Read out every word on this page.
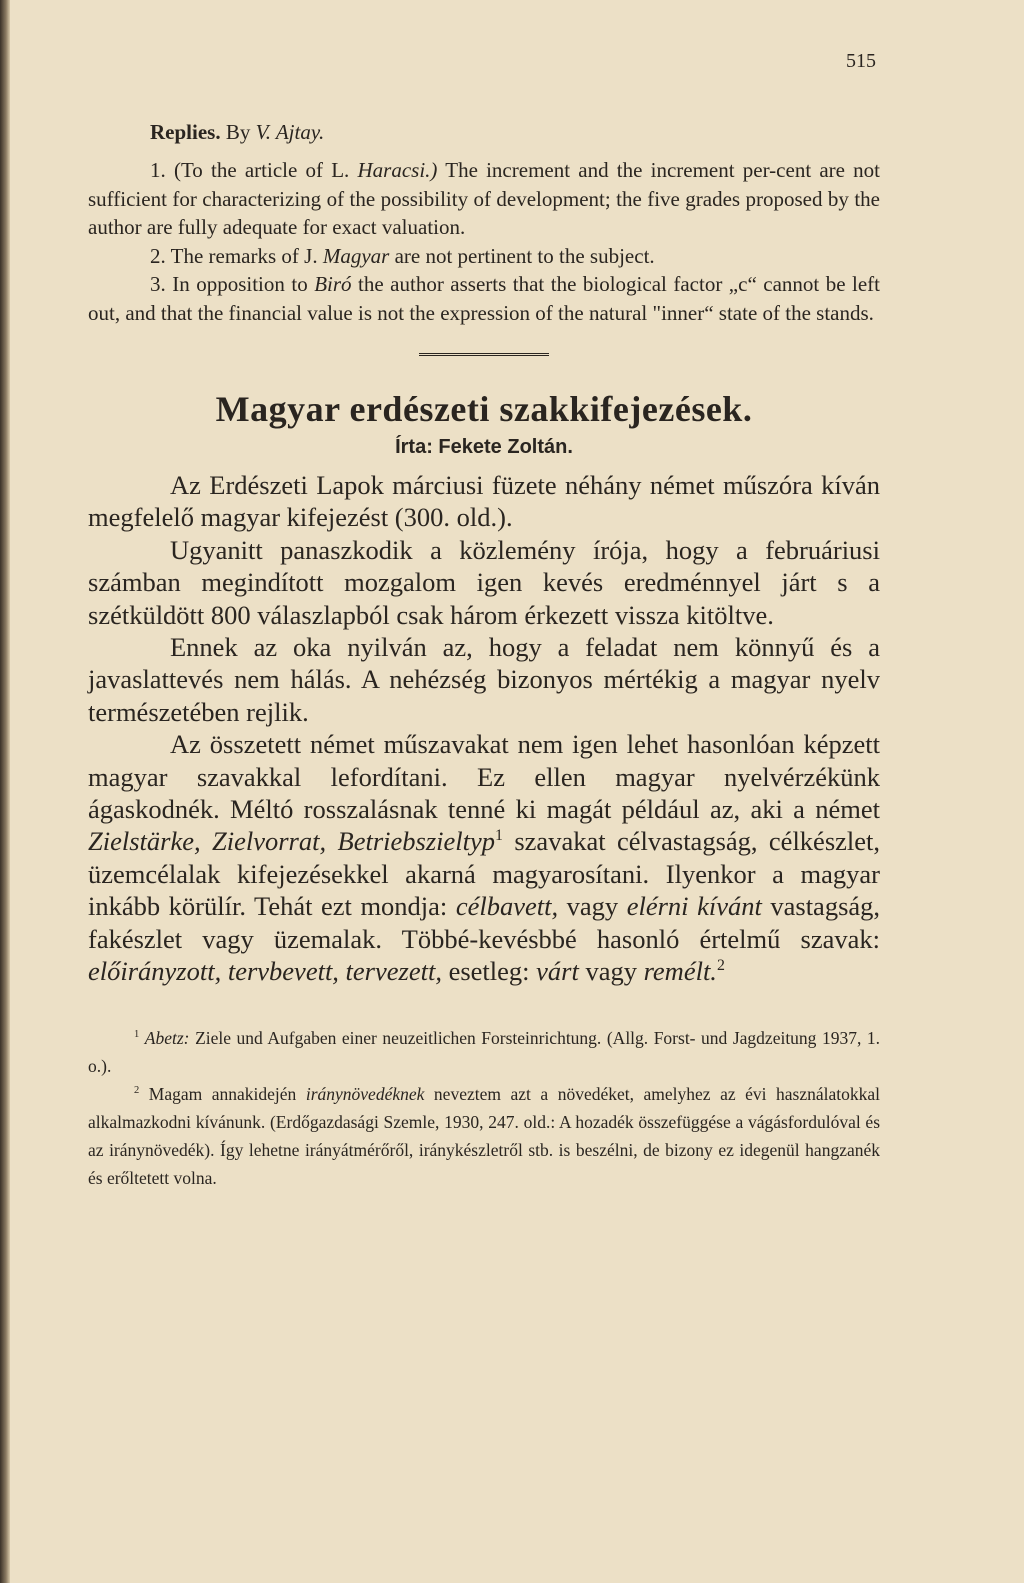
515
Replies. By V. Ajtay.

1. (To the article of L. Haracsi.) The increment and the increment per-cent are not sufficient for characterizing of the possibility of development; the five grades proposed by the author are fully adequate for exact valuation.

2. The remarks of J. Magyar are not pertinent to the subject.

3. In opposition to Biró the author asserts that the biological factor „c“ cannot be left out, and that the financial value is not the expression of the natural "inner“ state of the stands.

Magyar erdészeti szakkifejezések.
Írta: Fekete Zoltán.

Az Erdészeti Lapok márciusi füzete néhány német műszóra kíván megfelelő magyar kifejezést (300. old.).

Ugyanitt panaszkodik a közlemény írója, hogy a februáriusi számban megindított mozgalom igen kevés eredménnyel járt s a szétküldött 800 válaszlapból csak három érkezett vissza kitöltve.

Ennek az oka nyilván az, hogy a feladat nem könnyű és a javaslattevés nem hálás. A nehézség bizonyos mértékig a magyar nyelv természetében rejlik.

Az összetett német műszavakat nem igen lehet hasonlóan képzett magyar szavakkal lefordítani. Ez ellen magyar nyelvérzékünk ágaskodnék. Méltó rosszalásnak tenné ki magát például az, aki a német Zielstärke, Zielvorrat, Betriebszieltyp$^1$ szavakat célvastagság, célkészlet, üzemcélalak kifejezésekkel akarná magyarosítani. Ilyenkor a magyar inkább körülír. Tehát ezt mondja: célbavett, vagy elérni kívánt vastagság, fakészlet vagy üzemalak. Többé-kevésbbé hasonló értelmű szavak: előirányzott, tervbevett, tervezett, esetleg: várt vagy remélt.$^2$

$^1$ Abetz: Ziele und Aufgaben einer neuzeitlichen Forsteinrichtung. (Allg. Forst- und Jagdzeitung 1937, 1. o.).

$^2$ Magam annakidején iránynövedéknek neveztem azt a növedéket, amelyhez az évi használatokkal alkalmazkodni kívánunk. (Erdőgazdasági Szemle, 1930, 247. old.: A hozadék összefüggése a vágásfordulóval és az iránynövedék). Így lehetne irányátmérőről, iránykészletről stb. is beszélni, de bizony ez idegenül hangzanék és erőltetett volna.
